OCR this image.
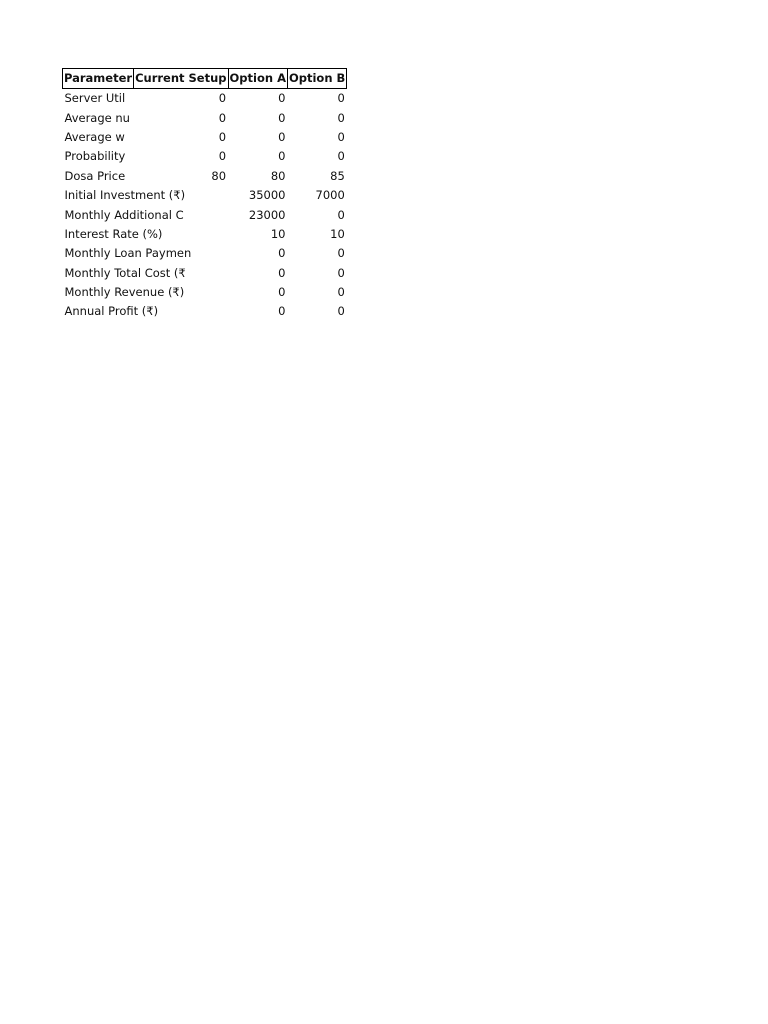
Parameter	Current Setup	Option A	Option B
Server Util	0	0	0
Average nu	0	0	0
Average w	0	0	0
Probability	0	0	0
Dosa Price	80	80	85
Initial Investment (₹)		35000	7000
Monthly Additional C		23000	0
Interest Rate (%)		10	10
Monthly Loan Paymen		0	0
Monthly Total Cost (₹		0	0
Monthly Revenue (₹)		0	0
Annual Profit (₹)		0	0
